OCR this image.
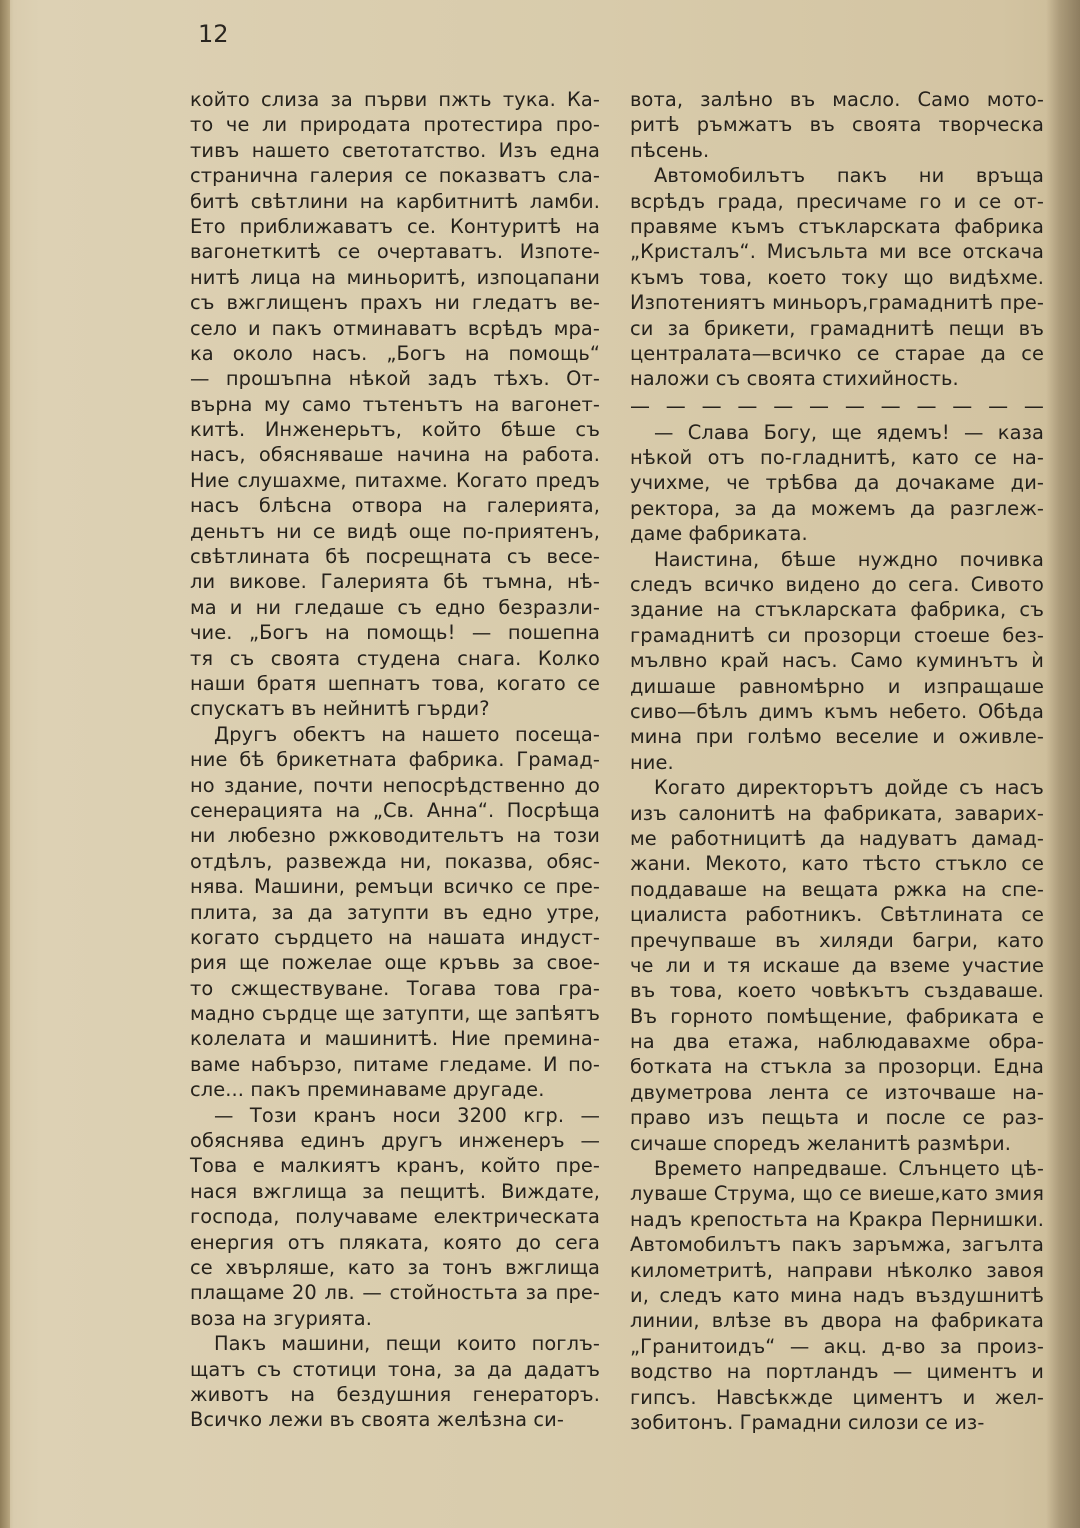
12
който слиза за първи пжть тука. Ка-
то че ли природата протестира про-
тивъ нашето светотатство. Изъ една
странична галерия се показватъ сла-
битѣ свѣтлини на карбитнитѣ ламби.
Ето приближаватъ се. Контуритѣ на
вагонеткитѣ се очертаватъ. Изпоте-
нитѣ лица на миньоритѣ, изпоцапани
съ вжглищенъ прахъ ни гледатъ ве-
село и пакъ отминаватъ всрѣдъ мра-
ка около насъ. „Богъ на помощь“
— прошъпна нѣкой задъ тѣхъ. От-
върна му само тътенътъ на вагонет-
китѣ. Инженерьтъ, който бѣше съ
насъ, обясняваше начина на работа.
Ние слушахме, питахме. Когато предъ
насъ блѣсна отвора на галерията,
деньтъ ни се видѣ още по-приятенъ,
свѣтлината бѣ посрещната съ весе-
ли викове. Галерията бѣ тъмна, нѣ-
ма и ни гледаше съ едно безразли-
чие. „Богъ на помощь! — пошепна
тя съ своята студена снага. Колко
наши братя шепнатъ това, когато се
спускатъ въ нейнитѣ гърди?
Другъ обектъ на нашето посеща-
ние бѣ брикетната фабрика. Грамад-
но здание, почти непосрѣдственно до
сенерацията на „Св. Анна“. Посрѣща
ни любезно ржководительтъ на този
отдѣлъ, развежда ни, показва, обяс-
нява. Машини, ремъци всичко се пре-
плита, за да затупти въ едно утре,
когато сърдцето на нашата индуст-
рия ще пожелае още кръвь за свое-
то сжществуване. Тогава това гра-
мадно сърдце ще затупти, ще запѣятъ
колелата и машинитѣ. Ние премина-
ваме набързо, питаме гледаме. И по-
сле... пакъ преминаваме другаде.
— Този кранъ носи 3200 кгр. —
обяснява единъ другъ инженеръ —
Това е малкиятъ кранъ, който пре-
нася вжглища за пещитѣ. Виждате,
господа, получаваме електрическата
енергия отъ пляката, която до сега
се хвърляше, като за тонъ вжглища
плащаме 20 лв. — стойностьта за пре-
воза на згурията.
Пакъ машини, пещи които поглъ-
щатъ съ стотици тона, за да дадатъ
животъ на бездушния генераторъ.
Всичко лежи въ своята желѣзна си-
вота, залѣно въ масло. Само мото-
ритѣ ръмжатъ въ своята творческа
пѣсень.
Автомобилътъ пакъ ни връща
всрѣдъ града, пресичаме го и се от-
правяме къмъ стъкларската фабрика
„Кристалъ“. Мисъльта ми все отскача
къмъ това, което току що видѣхме.
Изпотениятъ миньоръ,грамаднитѣ пре-
си за брикети, грамаднитѣ пещи въ
централата—всичко се старае да се
наложи съ своята стихийность.
— — — — — — — — — — — —
— Слава Богу, ще ядемъ! — каза
нѣкой отъ по-гладнитѣ, като се на-
учихме, че трѣбва да дочакаме ди-
ректора, за да можемъ да разглеж-
даме фабриката.
Наистина, бѣше нуждно почивка
следъ всичко видено до сега. Сивото
здание на стъкларската фабрика, съ
грамаднитѣ си прозорци стоеше без-
мълвно край насъ. Само куминътъ ѝ
дишаше равномѣрно и изпращаше
сиво—бѣлъ димъ къмъ небето. Обѣда
мина при голѣмо веселие и оживле-
ние.
Когато директорътъ дойде съ насъ
изъ салонитѣ на фабриката, заварих-
ме работницитѣ да надуватъ дамад-
жани. Мекото, като тѣсто стъкло се
поддаваше на вещата ржка на спе-
циалиста работникъ. Свѣтлината се
пречупваше въ хиляди багри, като
че ли и тя искаше да вземе участие
въ това, което човѣкътъ създаваше.
Въ горното помѣщение, фабриката е
на два етажа, наблюдавахме обра-
ботката на стъкла за прозорци. Една
двуметрова лента се източваше на-
право изъ пещьта и после се раз-
сичаше споредъ желанитѣ размѣри.
Времето напредваше. Слънцето цѣ-
луваше Струма, що се виеше,като змия
надъ крепостьта на Кракра Пернишки.
Автомобилътъ пакъ заръмжа, загълта
километритѣ, направи нѣколко завоя
и, следъ като мина надъ въздушнитѣ
линии, влѣзе въ двора на фабриката
„Гранитоидъ“ — акц. д-во за произ-
водство на портландъ — циментъ и
гипсъ. Навсѣкжде циментъ и жел-
зобитонъ. Грамадни силози се из-
